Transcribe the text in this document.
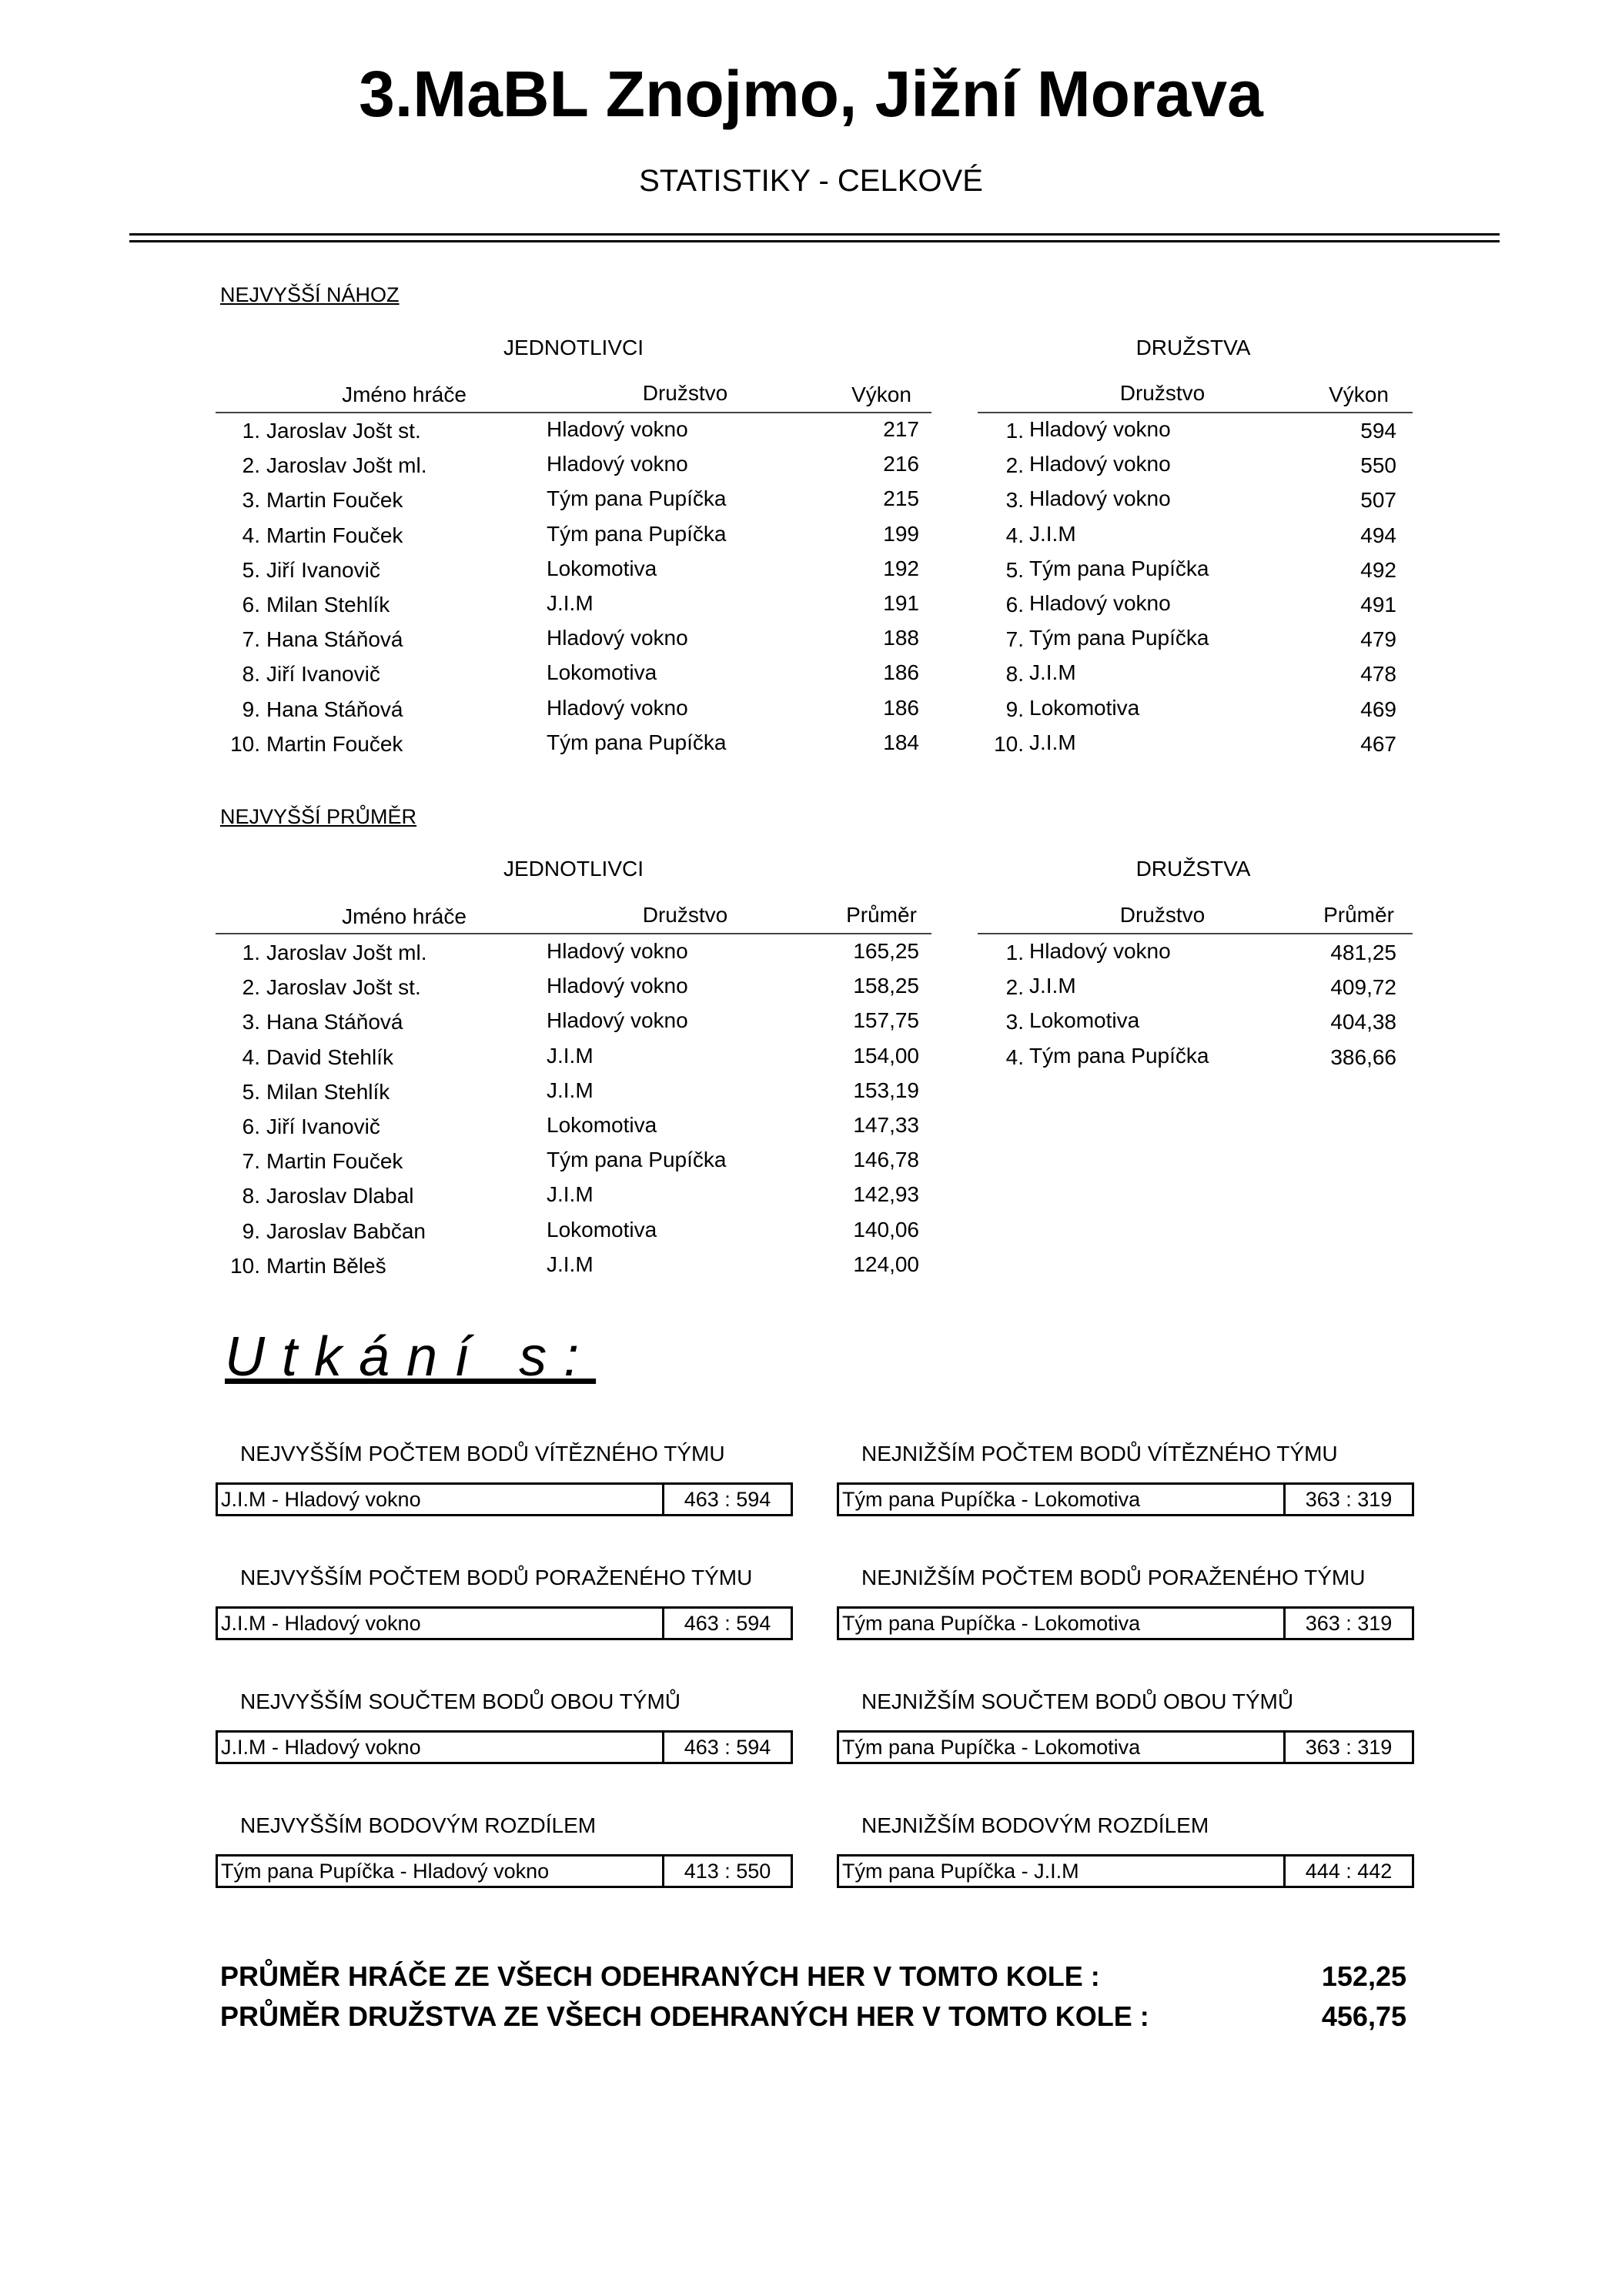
3.MaBL Znojmo, Jižní Morava
STATISTIKY - CELKOVÉ
NEJVYŠŠÍ NÁHOZ
JEDNOTLIVCI	DRUŽSTVA
Jméno hráče	Družstvo	Výkon	Družstvo	Výkon
1. Jaroslav Jošt st.	Hladový vokno	217
2. Jaroslav Jošt ml.	Hladový vokno	216
3. Martin Fouček	Tým pana Pupíčka	215
4. Martin Fouček	Tým pana Pupíčka	199
5. Jiří Ivanovič	Lokomotiva	192
6. Milan Stehlík	J.I.M	191
7. Hana Stáňová	Hladový vokno	188
8. Jiří Ivanovič	Lokomotiva	186
9. Hana Stáňová	Hladový vokno	186
10. Martin Fouček	Tým pana Pupíčka	184
1. Hladový vokno	594
2. Hladový vokno	550
3. Hladový vokno	507
4. J.I.M	494
5. Tým pana Pupíčka	492
6. Hladový vokno	491
7. Tým pana Pupíčka	479
8. J.I.M	478
9. Lokomotiva	469
10. J.I.M	467
NEJVYŠŠÍ PRŮMĚR
JEDNOTLIVCI	DRUŽSTVA
Jméno hráče	Družstvo	Průměr	Družstvo	Průměr
1. Jaroslav Jošt ml.	Hladový vokno	165,25
2. Jaroslav Jošt st.	Hladový vokno	158,25
3. Hana Stáňová	Hladový vokno	157,75
4. David Stehlík	J.I.M	154,00
5. Milan Stehlík	J.I.M	153,19
6. Jiří Ivanovič	Lokomotiva	147,33
7. Martin Fouček	Tým pana Pupíčka	146,78
8. Jaroslav Dlabal	J.I.M	142,93
9. Jaroslav Babčan	Lokomotiva	140,06
10. Martin Běleš	J.I.M	124,00
1. Hladový vokno	481,25
2. J.I.M	409,72
3. Lokomotiva	404,38
4. Tým pana Pupíčka	386,66
Utkání s:
NEJVYŠŠÍM POČTEM BODŮ VÍTĚZNÉHO TÝMU
J.I.M - Hladový vokno	463 : 594
NEJNIŽŠÍM POČTEM BODŮ VÍTĚZNÉHO TÝMU
Tým pana Pupíčka - Lokomotiva	363 : 319
NEJVYŠŠÍM POČTEM BODŮ PORAŽENÉHO TÝMU
J.I.M - Hladový vokno	463 : 594
NEJNIŽŠÍM POČTEM BODŮ PORAŽENÉHO TÝMU
Tým pana Pupíčka - Lokomotiva	363 : 319
NEJVYŠŠÍM SOUČTEM BODŮ OBOU TÝMŮ
J.I.M - Hladový vokno	463 : 594
NEJNIŽŠÍM SOUČTEM BODŮ OBOU TÝMŮ
Tým pana Pupíčka - Lokomotiva	363 : 319
NEJVYŠŠÍM BODOVÝM ROZDÍLEM
Tým pana Pupíčka - Hladový vokno	413 : 550
NEJNIŽŠÍM BODOVÝM ROZDÍLEM
Tým pana Pupíčka - J.I.M	444 : 442
PRŮMĚR HRÁČE ZE VŠECH ODEHRANÝCH HER V TOMTO KOLE :	152,25
PRŮMĚR DRUŽSTVA ZE VŠECH ODEHRANÝCH HER V TOMTO KOLE :	456,75
